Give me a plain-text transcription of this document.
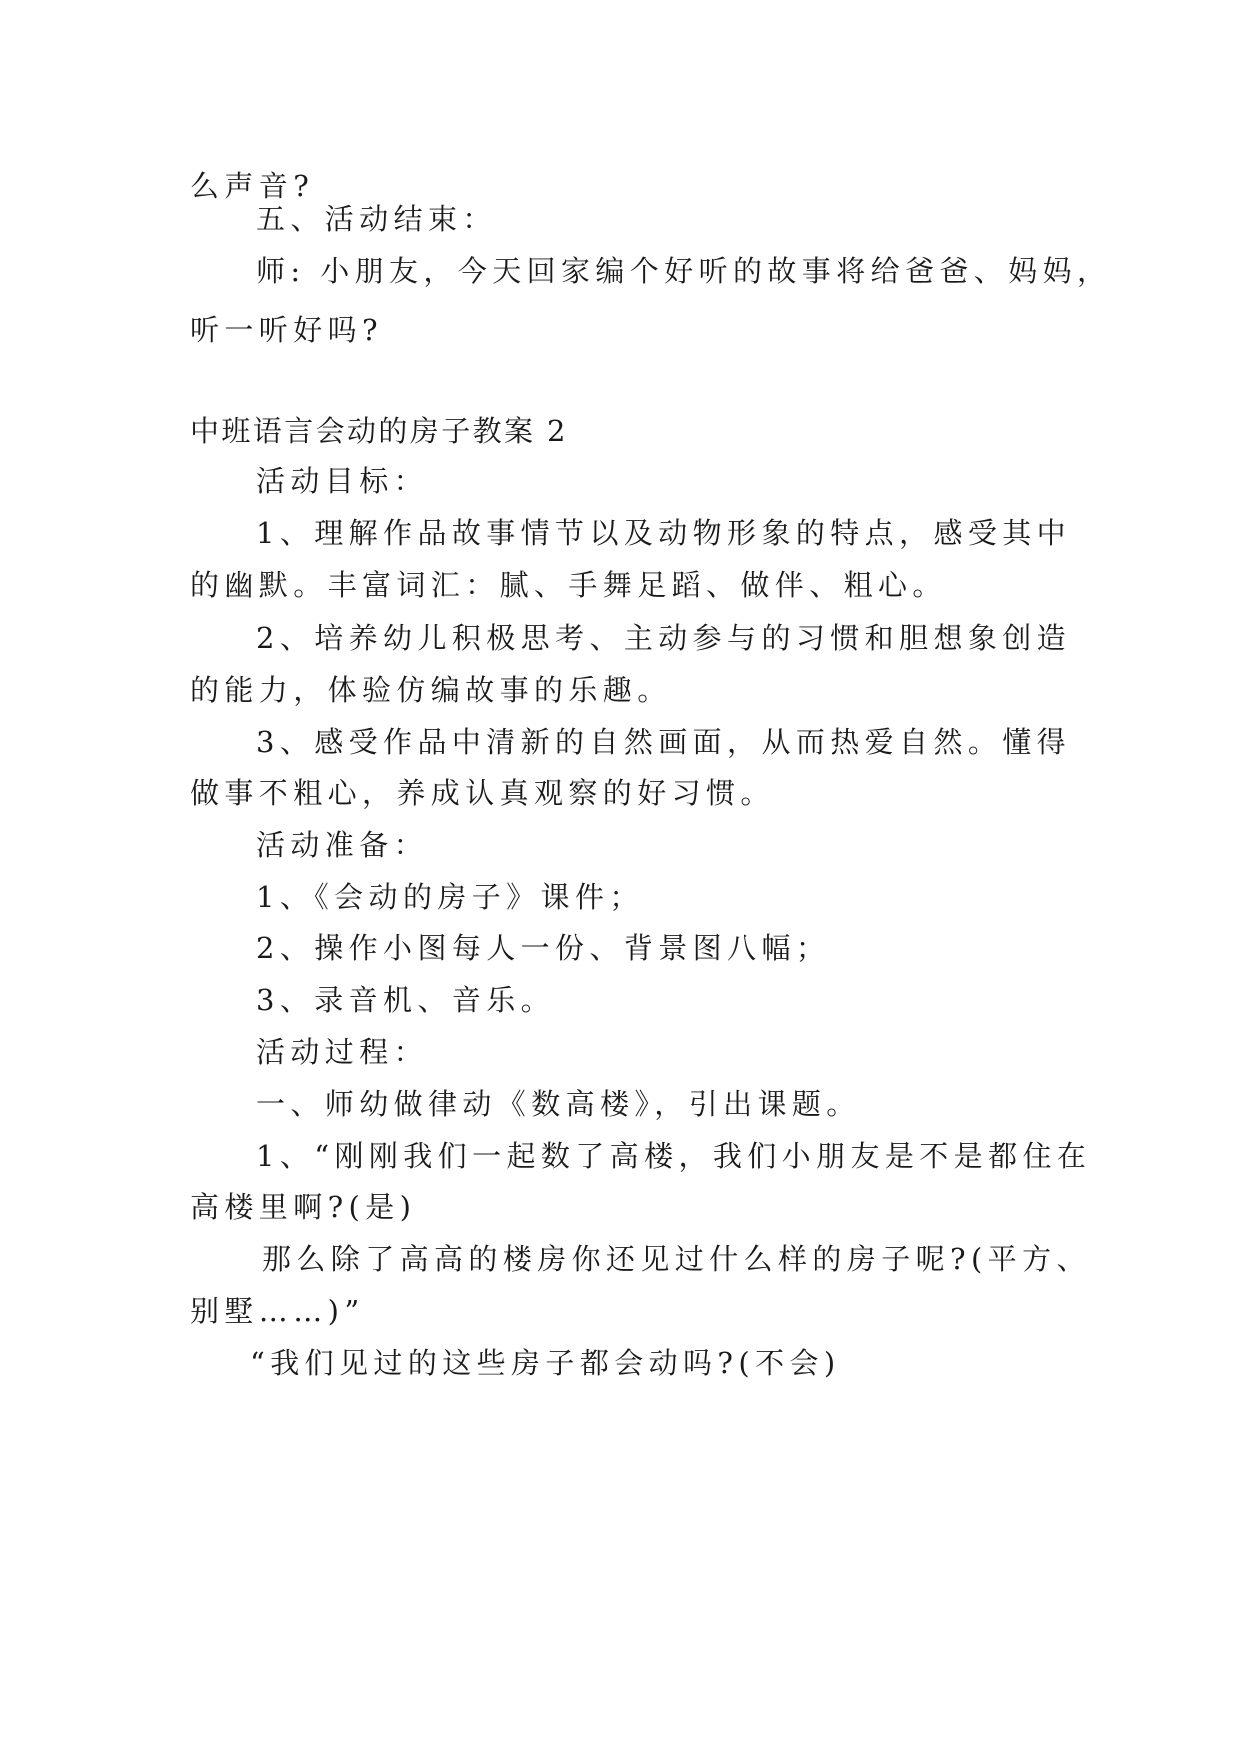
么声音?
五、活动结束：
师: 小朋友，今天回家编个好听的故事将给爸爸、妈妈，
听一听好吗?
中班语言会动的房子教案 2
活动目标：
1、理解作品故事情节以及动物形象的特点，感受其中
的幽默。丰富词汇：腻、手舞足蹈、做伴、粗心。
2、培养幼儿积极思考、主动参与的习惯和胆想象创造
的能力，体验仿编故事的乐趣。
3、感受作品中清新的自然画面，从而热爱自然。懂得
做事不粗心，养成认真观察的好习惯。
活动准备：
1、《会动的房子》课件；
2、操作小图每人一份、背景图八幅；
3、录音机、音乐。
活动过程：
一、师幼做律动《数高楼》，引出课题。
1、“刚刚我们一起数了高楼，我们小朋友是不是都住在
高楼里啊?(是)
那么除了高高的楼房你还见过什么样的房子呢?(平方、
别墅……)”
“我们见过的这些房子都会动吗?(不会)
